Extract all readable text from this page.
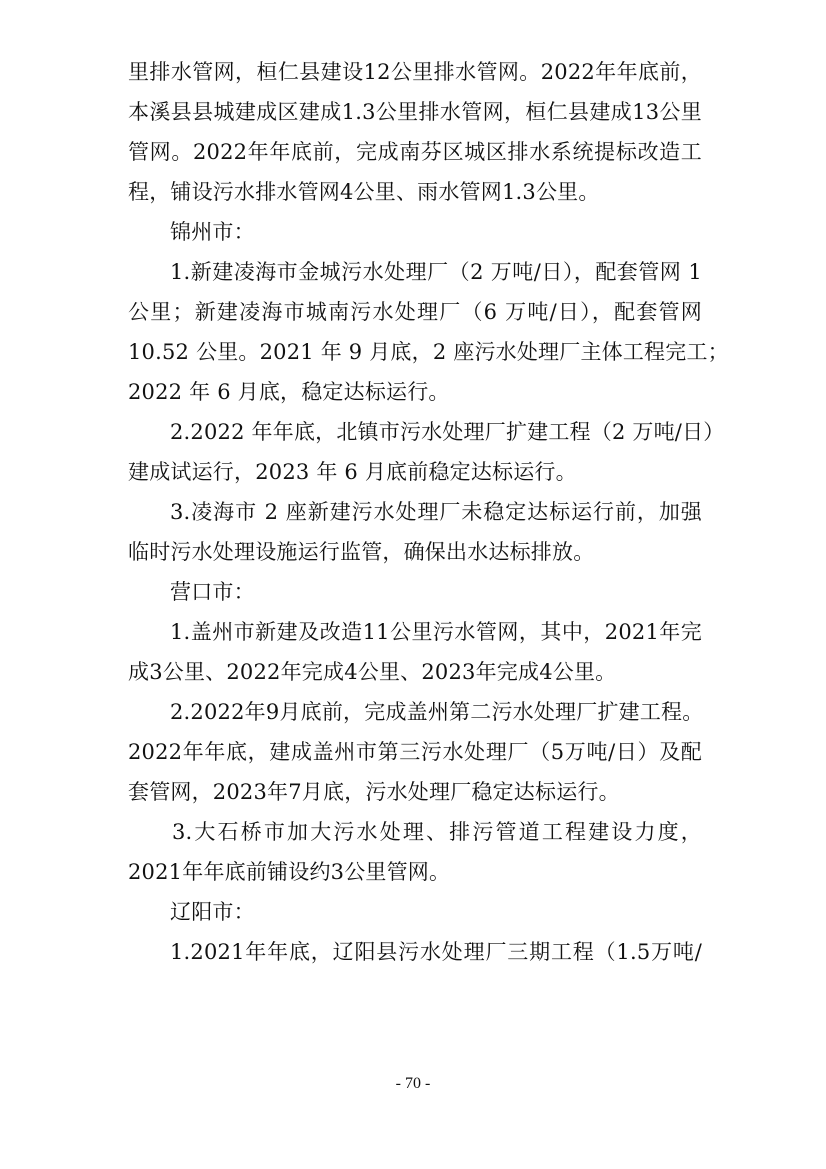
里排水管网，桓仁县建设12公里排水管网。2022年年底前，
本溪县县城建成区建成1.3公里排水管网，桓仁县建成13公里
管网。2022年年底前，完成南芬区城区排水系统提标改造工
程，铺设污水排水管网4公里、雨水管网1.3公里。
锦州市：
1.新建凌海市金城污水处理厂（2 万吨/日），配套管网 1
公里；新建凌海市城南污水处理厂（6 万吨/日），配套管网
10.52 公里。2021 年 9 月底，2 座污水处理厂主体工程完工；
2022 年 6 月底，稳定达标运行。
2.2022 年年底，北镇市污水处理厂扩建工程（2 万吨/日）
建成试运行，2023 年 6 月底前稳定达标运行。
3.凌海市 2 座新建污水处理厂未稳定达标运行前，加强
临时污水处理设施运行监管，确保出水达标排放。
营口市：
1.盖州市新建及改造11公里污水管网，其中，2021年完
成3公里、2022年完成4公里、2023年完成4公里。
2.2022年9月底前，完成盖州第二污水处理厂扩建工程。
2022年年底，建成盖州市第三污水处理厂（5万吨/日）及配
套管网，2023年7月底，污水处理厂稳定达标运行。
3.大石桥市加大污水处理、排污管道工程建设力度，
2021年年底前铺设约3公里管网。
辽阳市：
1.2021年年底，辽阳县污水处理厂三期工程（1.5万吨/
- 70 -
